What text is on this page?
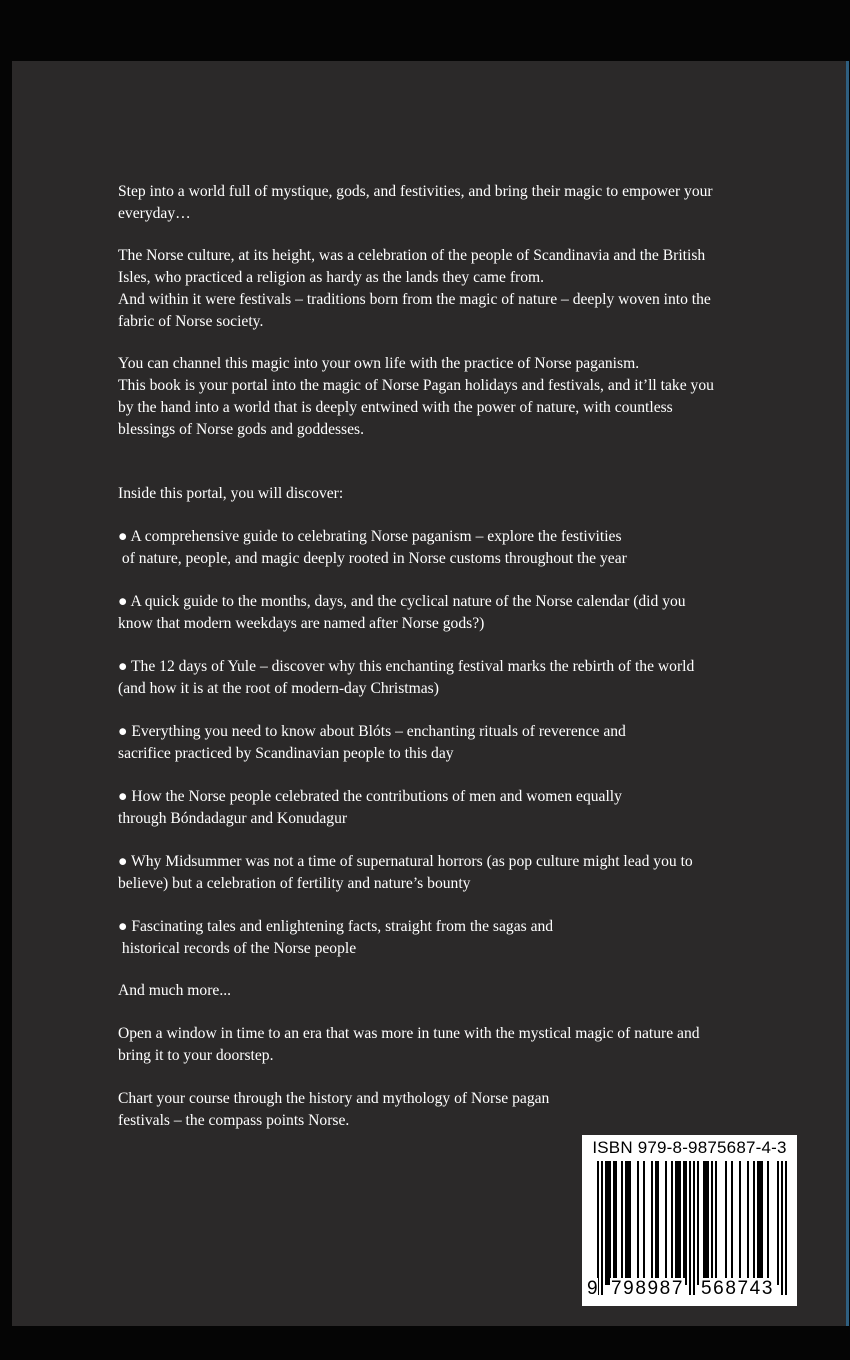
Step into a world full of mystique, gods, and festivities, and bring their magic to empower your
everyday…

The Norse culture, at its height, was a celebration of the people of Scandinavia and the British
Isles, who practiced a religion as hardy as the lands they came from.
And within it were festivals – traditions born from the magic of nature – deeply woven into the
fabric of Norse society.

You can channel this magic into your own life with the practice of Norse paganism.
This book is your portal into the magic of Norse Pagan holidays and festivals, and it’ll take you
by the hand into a world that is deeply entwined with the power of nature, with countless
blessings of Norse gods and goddesses.

Inside this portal, you will discover:

● A comprehensive guide to celebrating Norse paganism – explore the festivities
of nature, people, and magic deeply rooted in Norse customs throughout the year

● A quick guide to the months, days, and the cyclical nature of the Norse calendar (did you
know that modern weekdays are named after Norse gods?)

● The 12 days of Yule – discover why this enchanting festival marks the rebirth of the world
(and how it is at the root of modern-day Christmas)

● Everything you need to know about Blóts – enchanting rituals of reverence and
sacrifice practiced by Scandinavian people to this day

● How the Norse people celebrated the contributions of men and women equally
through Bóndadagur and Konudagur

● Why Midsummer was not a time of supernatural horrors (as pop culture might lead you to
believe) but a celebration of fertility and nature’s bounty

● Fascinating tales and enlightening facts, straight from the sagas and
historical records of the Norse people

And much more...

Open a window in time to an era that was more in tune with the mystical magic of nature and
bring it to your doorstep.

Chart your course through the history and mythology of Norse pagan
festivals – the compass points Norse.

ISBN 979-8-9875687-4-3
9 798987 568743
